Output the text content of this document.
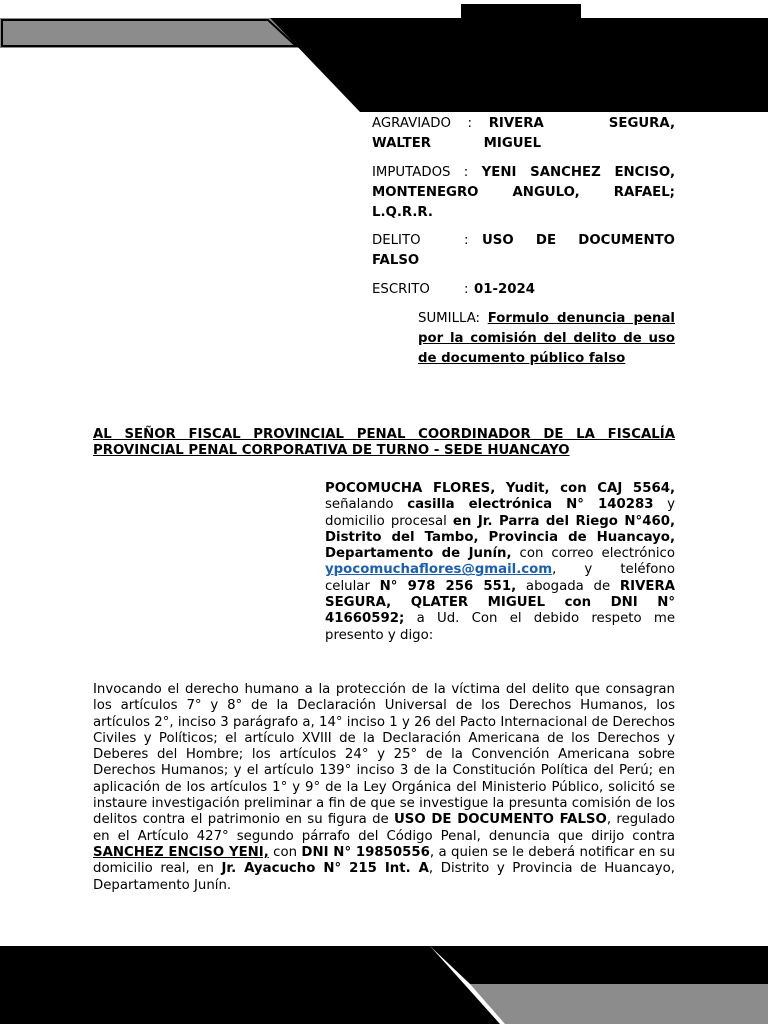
AGRAVIADO : RIVERA SEGURA, WALTER MIGUEL
IMPUTADOS : YENI SANCHEZ ENCISO, MONTENEGRO ANGULO, RAFAEL; L.Q.R.R.
DELITO	: USO DE DOCUMENTO FALSO
ESCRITO	: 01-2024
SUMILLA: Formulo denuncia penal por la comisión del delito de uso de documento público falso
AL SEÑOR FISCAL PROVINCIAL PENAL COORDINADOR DE LA FISCALÍA PROVINCIAL PENAL CORPORATIVA DE TURNO - SEDE HUANCAYO
POCOMUCHA FLORES, Yudit, con CAJ 5564, señalando casilla electrónica N° 140283 y domicilio procesal en Jr. Parra del Riego N°460, Distrito del Tambo, Provincia de Huancayo, Departamento de Junín, con correo electrónico ypocomuchaflores@gmail.com, y teléfono celular N° 978 256 551, abogada de RIVERA SEGURA, QLATER MIGUEL con DNI N° 41660592; a Ud. Con el debido respeto me presento y digo:
Invocando el derecho humano a la protección de la víctima del delito que consagran los artículos 7° y 8° de la Declaración Universal de los Derechos Humanos, los artículos 2°, inciso 3 parágrafo a, 14° inciso 1 y 26 del Pacto Internacional de Derechos Civiles y Políticos; el artículo XVIII de la Declaración Americana de los Derechos y Deberes del Hombre; los artículos 24° y 25° de la Convención Americana sobre Derechos Humanos; y el artículo 139° inciso 3 de la Constitución Política del Perú; en aplicación de los artículos 1° y 9° de la Ley Orgánica del Ministerio Público, solicitó se instaure investigación preliminar a fin de que se investigue la presunta comisión de los delitos contra el patrimonio en su figura de USO DE DOCUMENTO FALSO, regulado en el Artículo 427° segundo párrafo del Código Penal, denuncia que dirijo contra SANCHEZ ENCISO YENI, con DNI N° 19850556, a quien se le deberá notificar en su domicilio real, en Jr. Ayacucho N° 215 Int. A, Distrito y Provincia de Huancayo, Departamento Junín.
